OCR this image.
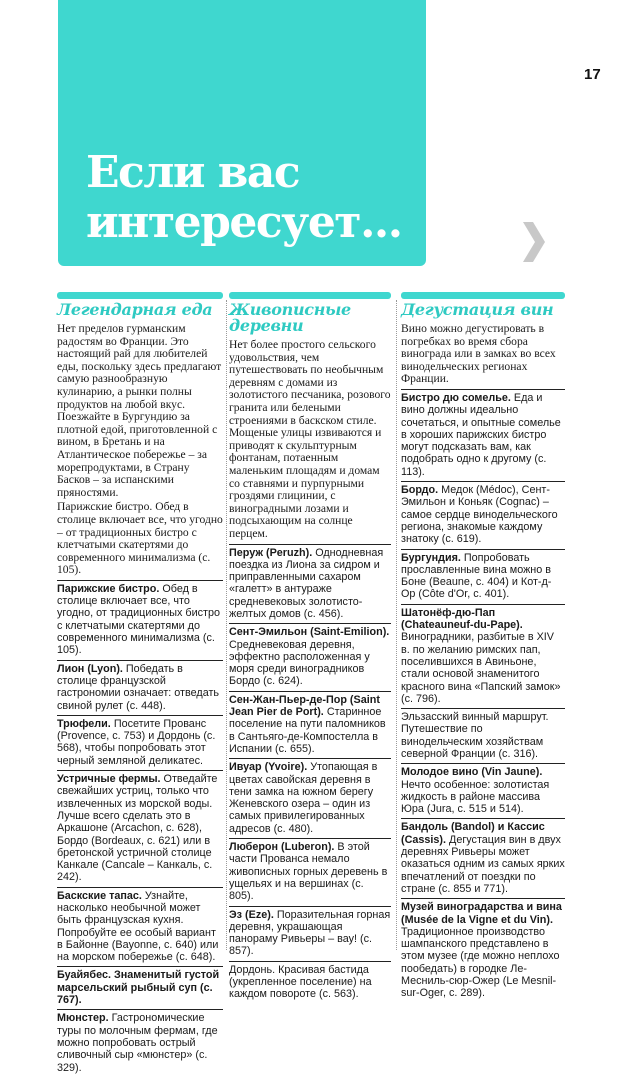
Если вас
интересует...
17
Легендарная еда

Нет пределов гурманским радостям во Франции. Это настоящий рай для любителей еды, поскольку здесь предлагают самую разнообразную кулинарию, а рынки полны продуктов на любой вкус. Поезжайте в Бургундию за плотной едой, приготовленной с вином, в Бретань и на Атлантическое побережье – за морепродуктами, в Страну Басков – за испанскими пряностями.

Парижские бистро. Обед в столице включает все, что угодно – от традиционных бистро с клетчатыми скатертями до современного минимализма (с. 105).

Парижские бистро. Обед в столице включает все, что угодно, от традиционных бистро с клетчатыми скатертями до современного минимализма (с. 105).
Лион (Lyon). Победать в столице французской гастрономии означает: отведать свиной рулет (с. 448).
Трюфели. Посетите Прованс (Provence, с. 753) и Дордонь (с. 568), чтобы попробовать этот черный земляной деликатес.
Устричные фермы. Отведайте свежайших устриц, только что извлеченных из морской воды. Лучше всего сделать это в Аркашоне (Arcachon, с. 628), Бордо (Bordeaux, с. 621) или в бретонской устричной столице Канкале (Cancale – Канкаль, с. 242).
Баскские тапас. Узнайте, насколько необычной может быть французская кухня. Попробуйте ее особый вариант в Байонне (Bayonne, с. 640) или на морском побережье (с. 648).
Буайябес. Знаменитый густой марсельский рыбный суп (с. 767).
Мюнстер. Гастрономические туры по молочным фермам, где можно попробовать острый сливочный сыр «мюнстер» (с. 329).
Живописные
деревни

Нет более простого сельского удовольствия, чем путешествовать по необычным деревням с домами из золотистого песчаника, розового гранита или белеными строениями в баскском стиле. Мощеные улицы извиваются и приводят к скульптурным фонтанам, потаенным маленьким площадям и домам со ставнями и пурпурными гроздями глицинии, с виноградными лозами и подсыхающим на солнце перцем.

Перуж (Peruzh). Однодневная поездка из Лиона за сидром и приправленными сахаром «галетт» в антураже средневековых золотисто-желтых домов (с. 456).
Сент-Эмильон (Saint-Emilion). Средневековая деревня, эффектно расположенная у моря среди виноградников Бордо (с. 624).
Сен-Жан-Пьер-де-Пор (Saint Jean Pier de Port). Старинное поселение на пути паломников в Сантьяго-де-Компостелла в Испании (с. 655).
Ивуар (Yvoire). Утопающая в цветах савойская деревня в тени замка на южном берегу Женевского озера – один из самых привилегированных адресов (с. 480).
Люберон (Luberon). В этой части Прованса немало живописных горных деревень в ущельях и на вершинах (с. 805).
Эз (Eze). Поразительная горная деревня, украшающая панораму Ривьеры – вау! (с. 857).
Дордонь. Красивая бастида (укрепленное поселение) на каждом повороте (с. 563).
Дегустация вин

Вино можно дегустировать в погребках во время сбора винограда или в замках во всех винодельческих регионах Франции.

Бистро дю сомелье. Еда и вино должны идеально сочетаться, и опытные сомелье в хороших парижских бистро могут подсказать вам, как подобрать одно к другому (с. 113).
Бордо. Медок (Médoc), Сент-Эмильон и Коньяк (Cognac) – самое сердце винодельческого региона, знакомые каждому знатоку (с. 619).
Бургундия. Попробовать прославленные вина можно в Боне (Beaune, с. 404) и Кот-д-Ор (Côte d'Or, с. 401).
Шатонёф-дю-Пап (Chateauneuf-du-Pape). Виноградники, разбитые в XIV в. по желанию римских пап, поселившихся в Авиньоне, стали основой знаменитого красного вина «Папский замок» (с. 796).
Эльзасский винный маршрут. Путешествие по винодельческим хозяйствам северной Франции (с. 316).
Молодое вино (Vin Jaune). Нечто особенное: золотистая жидкость в районе массива Юра (Jura, с. 515 и 514).
Бандоль (Bandol) и Кассис (Cassis). Дегустация вин в двух деревнях Ривьеры может оказаться одним из самых ярких впечатлений от поездки по стране (с. 855 и 771).
Музей виноградарства и вина (Musée de la Vigne et du Vin). Традиционное производство шампанского представлено в этом музее (где можно неплохо пообедать) в городке Ле-Месниль-сюр-Ожер (Le Mesnil-sur-Oger, с. 289).
